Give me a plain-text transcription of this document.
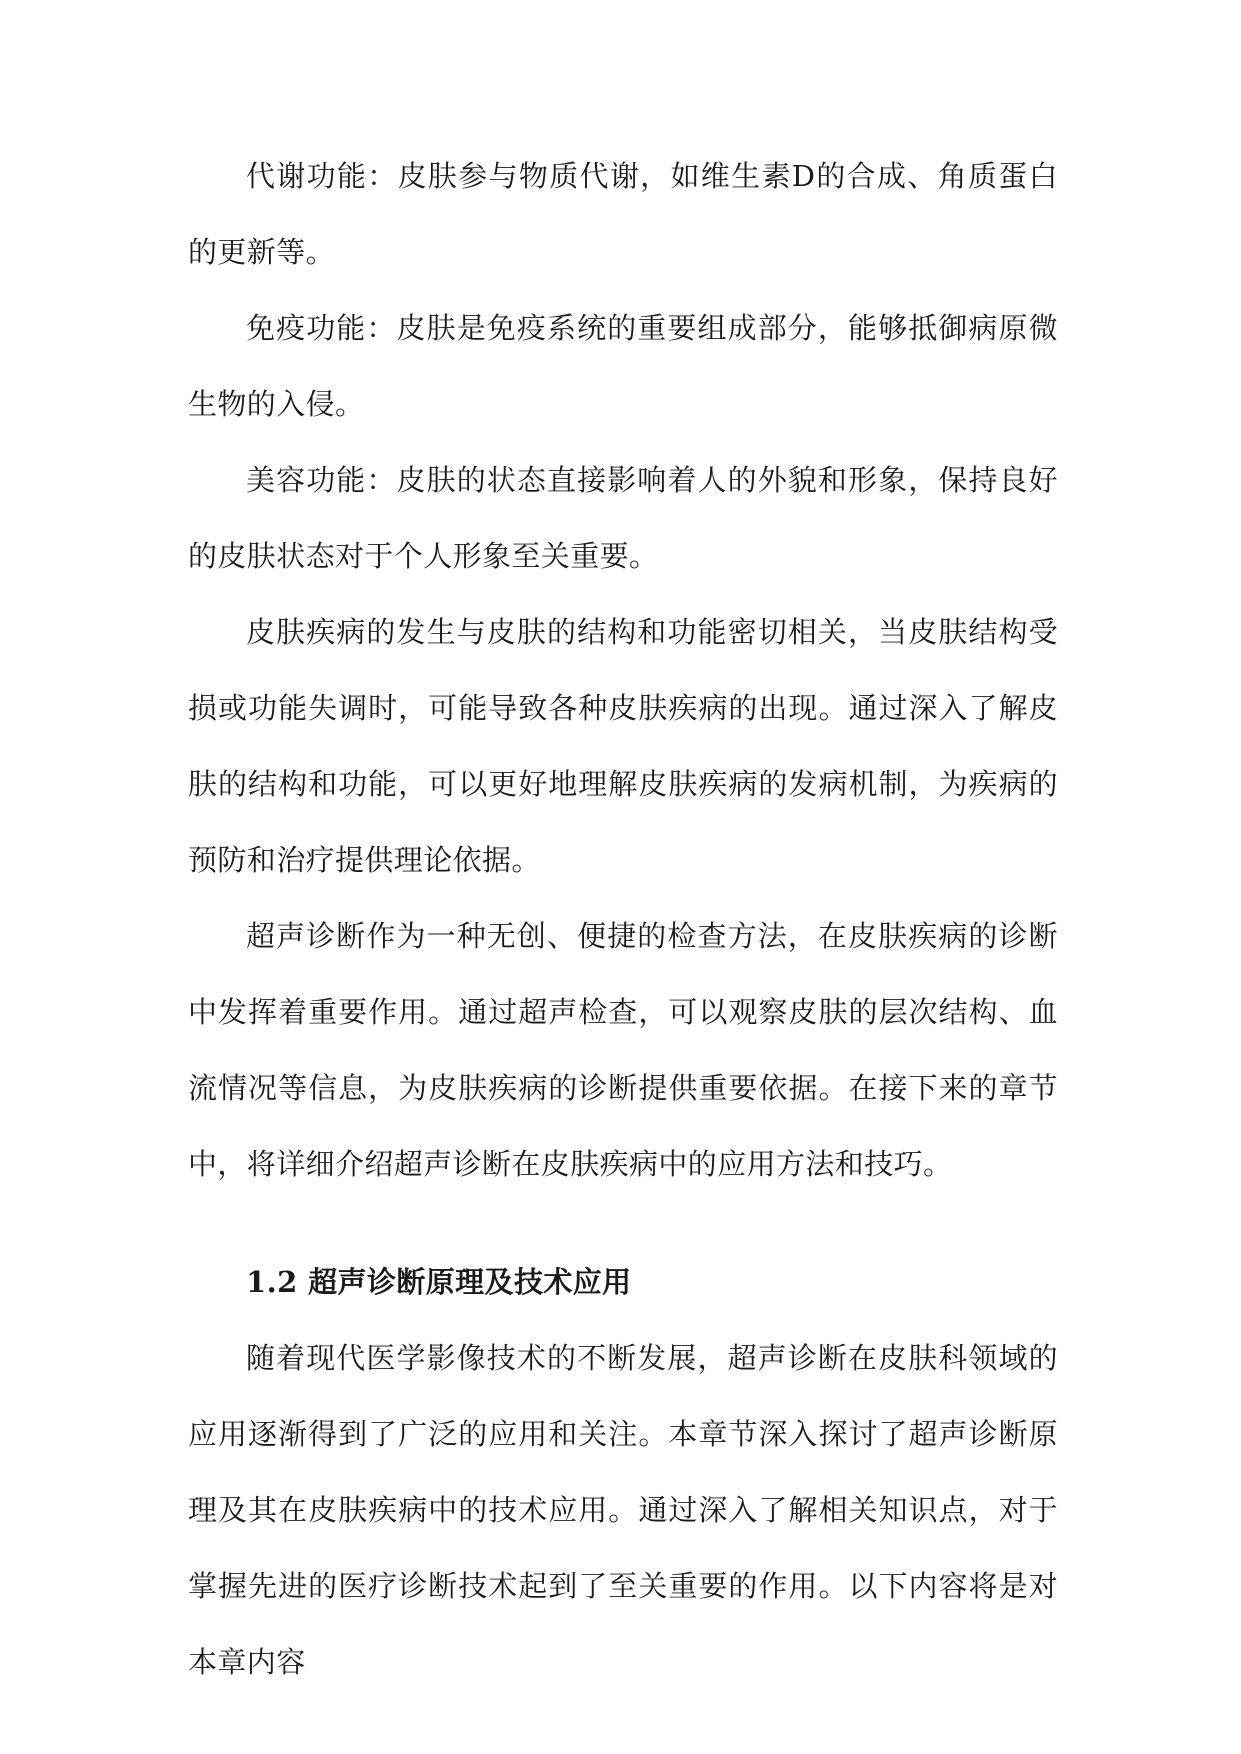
代谢功能：皮肤参与物质代谢，如维生素D的合成、角质蛋白的更新等。

免疫功能：皮肤是免疫系统的重要组成部分，能够抵御病原微生物的入侵。

美容功能：皮肤的状态直接影响着人的外貌和形象，保持良好的皮肤状态对于个人形象至关重要。

皮肤疾病的发生与皮肤的结构和功能密切相关，当皮肤结构受损或功能失调时，可能导致各种皮肤疾病的出现。通过深入了解皮肤的结构和功能，可以更好地理解皮肤疾病的发病机制，为疾病的预防和治疗提供理论依据。

超声诊断作为一种无创、便捷的检查方法，在皮肤疾病的诊断中发挥着重要作用。通过超声检查，可以观察皮肤的层次结构、血流情况等信息，为皮肤疾病的诊断提供重要依据。在接下来的章节中，将详细介绍超声诊断在皮肤疾病中的应用方法和技巧。

1.2 超声诊断原理及技术应用

随着现代医学影像技术的不断发展，超声诊断在皮肤科领域的应用逐渐得到了广泛的应用和关注。本章节深入探讨了超声诊断原理及其在皮肤疾病中的技术应用。通过深入了解相关知识点，对于掌握先进的医疗诊断技术起到了至关重要的作用。以下内容将是对本章内容
